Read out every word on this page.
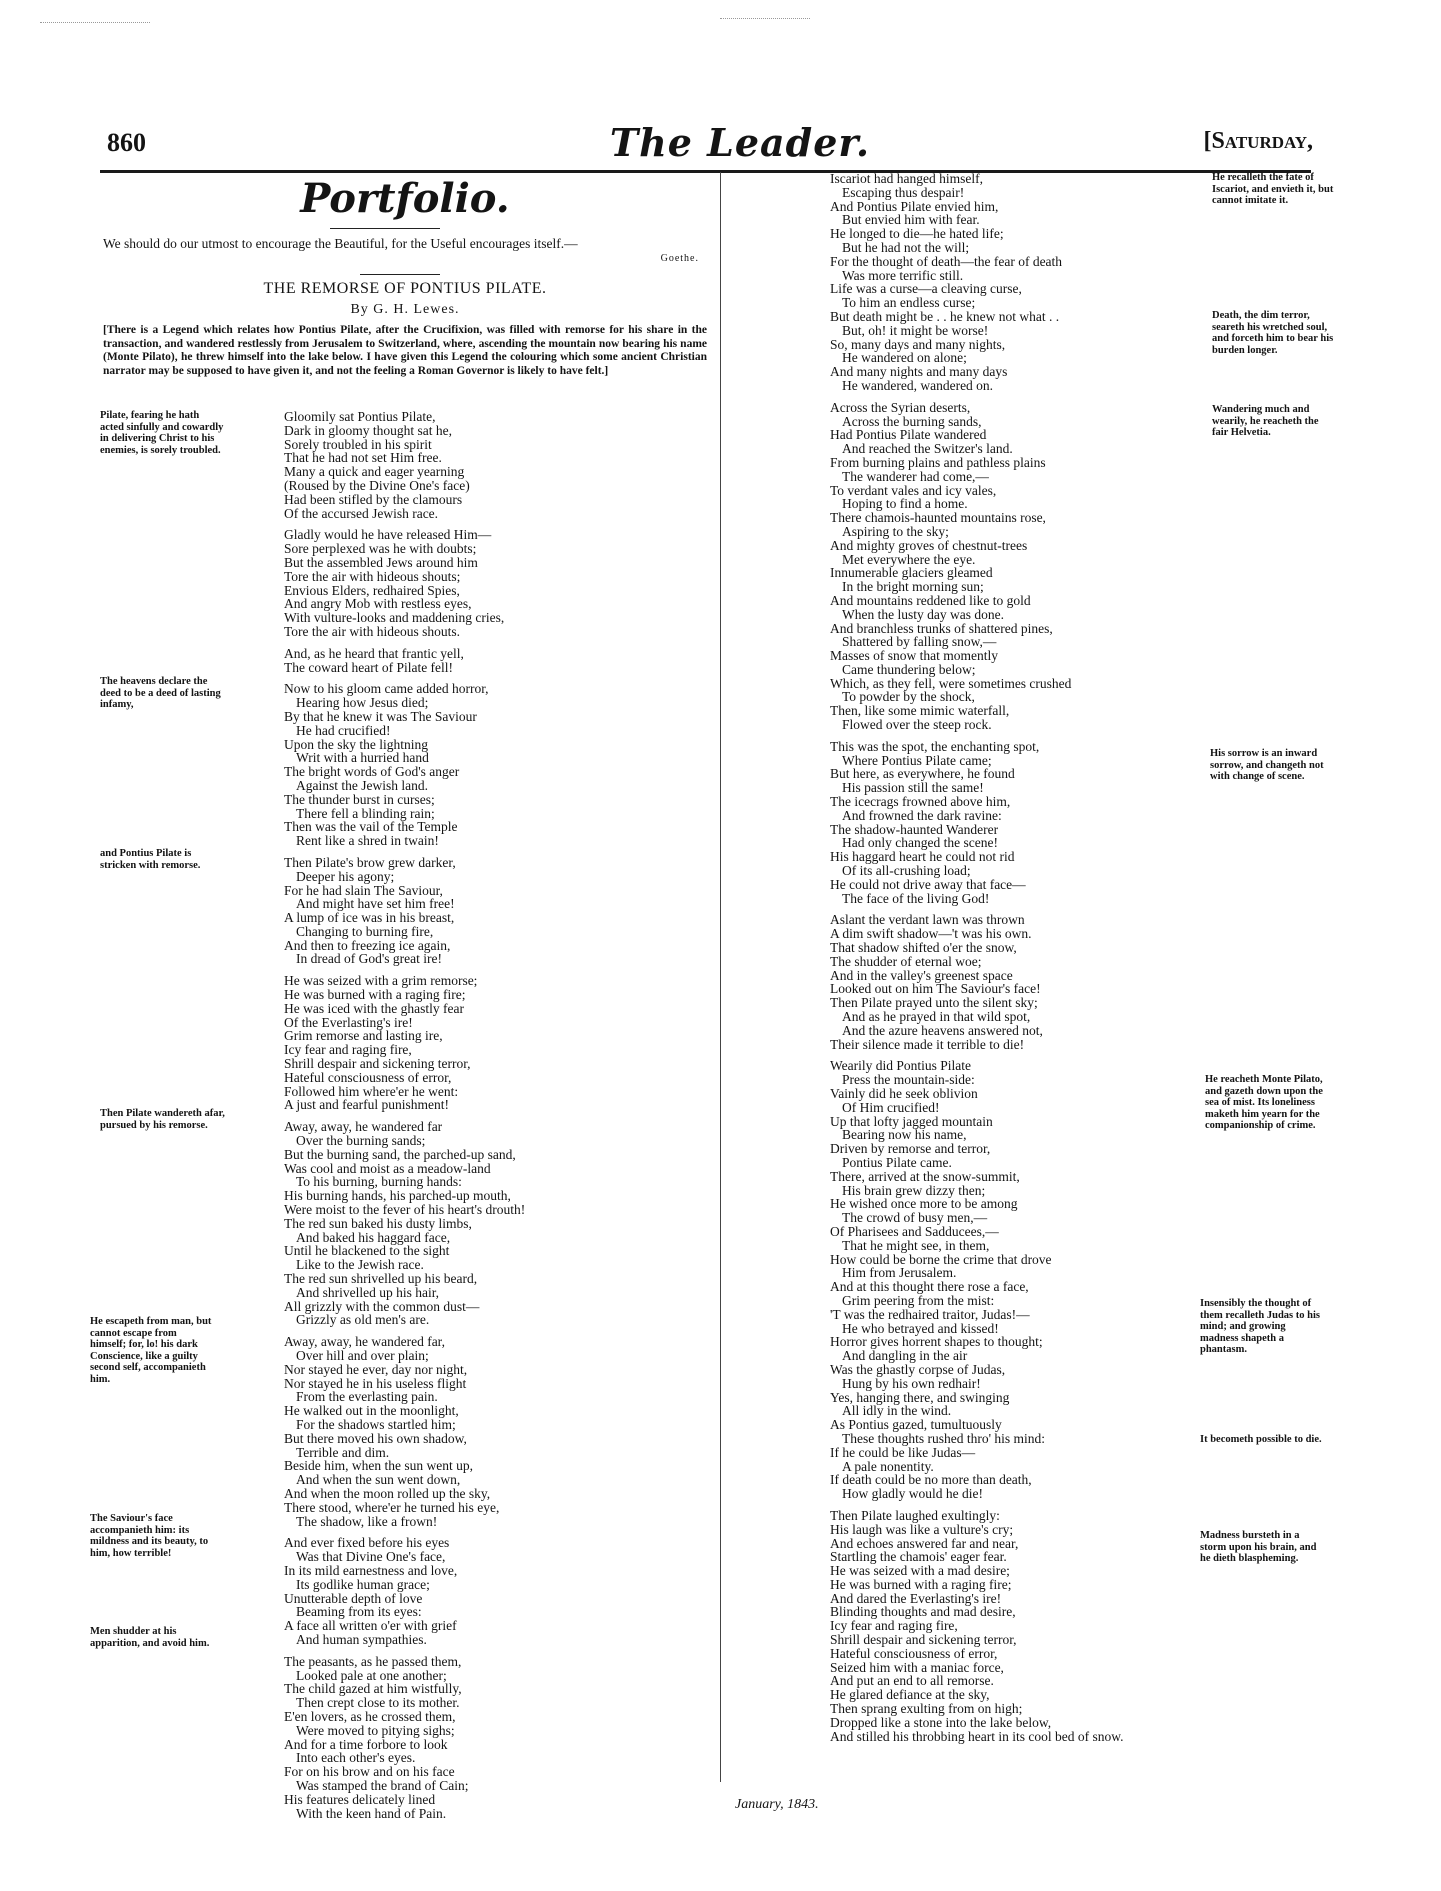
860	The Leader.	[Saturday,
Portfolio.
We should do our utmost to encourage the Beautiful, for the Useful encourages itself.—
Goethe.
THE REMORSE OF PONTIUS PILATE.
By G. H. Lewes.
[There is a Legend which relates how Pontius Pilate, after the Crucifixion, was filled with remorse for his share in the transaction, and wandered restlessly from Jerusalem to Switzerland, where, ascending the mountain now bearing his name (Monte Pilato), he threw himself into the lake below. I have given this Legend the colouring which some ancient Christian narrator may be supposed to have given it, and not the feeling a Roman Governor is likely to have felt.]
Gloomily sat Pontius Pilate,
Dark in gloomy thought sat he,
Sorely troubled in his spirit
That he had not set Him free.
Many a quick and eager yearning
(Roused by the Divine One's face)
Had been stifled by the clamours
Of the accursed Jewish race.
Gladly would he have released Him—
Sore perplexed was he with doubts;
But the assembled Jews around him
Tore the air with hideous shouts;
Envious Elders, redhaired Spies,
And angry Mob with restless eyes,
With vulture-looks and maddening cries,
Tore the air with hideous shouts.
And, as he heard that frantic yell,
The coward heart of Pilate fell!
Now to his gloom came added horror,
Hearing how Jesus died;
By that he knew it was The Saviour
He had crucified!
Upon the sky the lightning
Writ with a hurried hand
The bright words of God's anger
Against the Jewish land.
The thunder burst in curses;
There fell a blinding rain;
Then was the vail of the Temple
Rent like a shred in twain!
Then Pilate's brow grew darker,
Deeper his agony;
For he had slain The Saviour,
And might have set him free!
A lump of ice was in his breast,
Changing to burning fire,
And then to freezing ice again,
In dread of God's great ire!
He was seized with a grim remorse;
He was burned with a raging fire;
He was iced with the ghastly fear
Of the Everlasting's ire!
Grim remorse and lasting ire,
Icy fear and raging fire,
Shrill despair and sickening terror,
Hateful consciousness of error,
Followed him where'er he went:
A just and fearful punishment!
Away, away, he wandered far
Over the burning sands;
But the burning sand, the parched-up sand,
Was cool and moist as a meadow-land
To his burning, burning hands:
His burning hands, his parched-up mouth,
Were moist to the fever of his heart's drouth!
The red sun baked his dusty limbs,
And baked his haggard face,
Until he blackened to the sight
Like to the Jewish race.
The red sun shrivelled up his beard,
And shrivelled up his hair,
All grizzly with the common dust—
Grizzly as old men's are.
Away, away, he wandered far,
Over hill and over plain;
Nor stayed he ever, day nor night,
Nor stayed he in his useless flight
From the everlasting pain.
He walked out in the moonlight,
For the shadows startled him;
But there moved his own shadow,
Terrible and dim.
Beside him, when the sun went up,
And when the sun went down,
And when the moon rolled up the sky,
There stood, where'er he turned his eye,
The shadow, like a frown!
And ever fixed before his eyes
Was that Divine One's face,
In its mild earnestness and love,
Its godlike human grace;
Unutterable depth of love
Beaming from its eyes:
A face all written o'er with grief
And human sympathies.
The peasants, as he passed them,
Looked pale at one another;
The child gazed at him wistfully,
Then crept close to its mother.
E'en lovers, as he crossed them,
Were moved to pitying sighs;
And for a time forbore to look
Into each other's eyes.
For on his brow and on his face
Was stamped the brand of Cain;
His features delicately lined
With the keen hand of Pain.
Iscariot had hanged himself,
Escaping thus despair!
And Pontius Pilate envied him,
But envied him with fear.
He longed to die—he hated life;
But he had not the will;
For the thought of death—the fear of death
Was more terrific still.
Life was a curse—a cleaving curse,
To him an endless curse;
But death might be . . he knew not what . .
But, oh! it might be worse!
So, many days and many nights,
He wandered on alone;
And many nights and many days
He wandered, wandered on.
Across the Syrian deserts,
Across the burning sands,
Had Pontius Pilate wandered
And reached the Switzer's land.
From burning plains and pathless plains
The wanderer had come,—
To verdant vales and icy vales,
Hoping to find a home.
There chamois-haunted mountains rose,
Aspiring to the sky;
And mighty groves of chestnut-trees
Met everywhere the eye.
Innumerable glaciers gleamed
In the bright morning sun;
And mountains reddened like to gold
When the lusty day was done.
And branchless trunks of shattered pines,
Shattered by falling snow,—
Masses of snow that momently
Came thundering below;
Which, as they fell, were sometimes crushed
To powder by the shock,
Then, like some mimic waterfall,
Flowed over the steep rock.
This was the spot, the enchanting spot,
Where Pontius Pilate came;
But here, as everywhere, he found
His passion still the same!
The icecrags frowned above him,
And frowned the dark ravine:
The shadow-haunted Wanderer
Had only changed the scene!
His haggard heart he could not rid
Of its all-crushing load;
He could not drive away that face—
The face of the living God!
Aslant the verdant lawn was thrown
A dim swift shadow—'t was his own.
That shadow shifted o'er the snow,
The shudder of eternal woe;
And in the valley's greenest space
Looked out on him The Saviour's face!
Then Pilate prayed unto the silent sky;
And as he prayed in that wild spot,
And the azure heavens answered not,
Their silence made it terrible to die!
Wearily did Pontius Pilate
Press the mountain-side:
Vainly did he seek oblivion
Of Him crucified!
Up that lofty jagged mountain
Bearing now his name,
Driven by remorse and terror,
Pontius Pilate came.
There, arrived at the snow-summit,
His brain grew dizzy then;
He wished once more to be among
The crowd of busy men,—
Of Pharisees and Sadducees,—
That he might see, in them,
How could be borne the crime that drove
Him from Jerusalem.
And at this thought there rose a face,
Grim peering from the mist:
'T was the redhaired traitor, Judas!—
He who betrayed and kissed!
Horror gives horrent shapes to thought;
And dangling in the air
Was the ghastly corpse of Judas,
Hung by his own redhair!
Yes, hanging there, and swinging
All idly in the wind.
As Pontius gazed, tumultuously
These thoughts rushed thro' his mind:
If he could be like Judas—
A pale nonentity.
If death could be no more than death,
How gladly would he die!
Then Pilate laughed exultingly:
His laugh was like a vulture's cry;
And echoes answered far and near,
Startling the chamois' eager fear.
He was seized with a mad desire;
He was burned with a raging fire;
And dared the Everlasting's ire!
Blinding thoughts and mad desire,
Icy fear and raging fire,
Shrill despair and sickening terror,
Hateful consciousness of error,
Seized him with a maniac force,
And put an end to all remorse.
He glared defiance at the sky,
Then sprang exulting from on high;
Dropped like a stone into the lake below,
And stilled his throbbing heart in its cool bed of snow.
Pilate, fearing he hath acted sinfully and cowardly in delivering Christ to his enemies, is sorely troubled.
The heavens declare the deed to be a deed of lasting infamy,
and Pontius Pilate is stricken with remorse.
Then Pilate wandereth afar, pursued by his remorse.
He escapeth from man, but cannot escape from himself; for, lo! his dark Conscience, like a guilty second self, accompanieth him.
The Saviour's face accompanieth him: its mildness and its beauty, to him, how terrible!
Men shudder at his apparition, and avoid him.
He recalleth the fate of Iscariot, and envieth it, but cannot imitate it.
Death, the dim terror, seareth his wretched soul, and forceth him to bear his burden longer.
Wandering much and wearily, he reacheth the fair Helvetia.
His sorrow is an inward sorrow, and changeth not with change of scene.
He reacheth Monte Pilato, and gazeth down upon the sea of mist. Its loneliness maketh him yearn for the companionship of crime.
Insensibly the thought of them recalleth Judas to his mind; and growing madness shapeth a phantasm.
It becometh possible to die.
Madness bursteth in a storm upon his brain, and he dieth blaspheming.
January, 1843.
